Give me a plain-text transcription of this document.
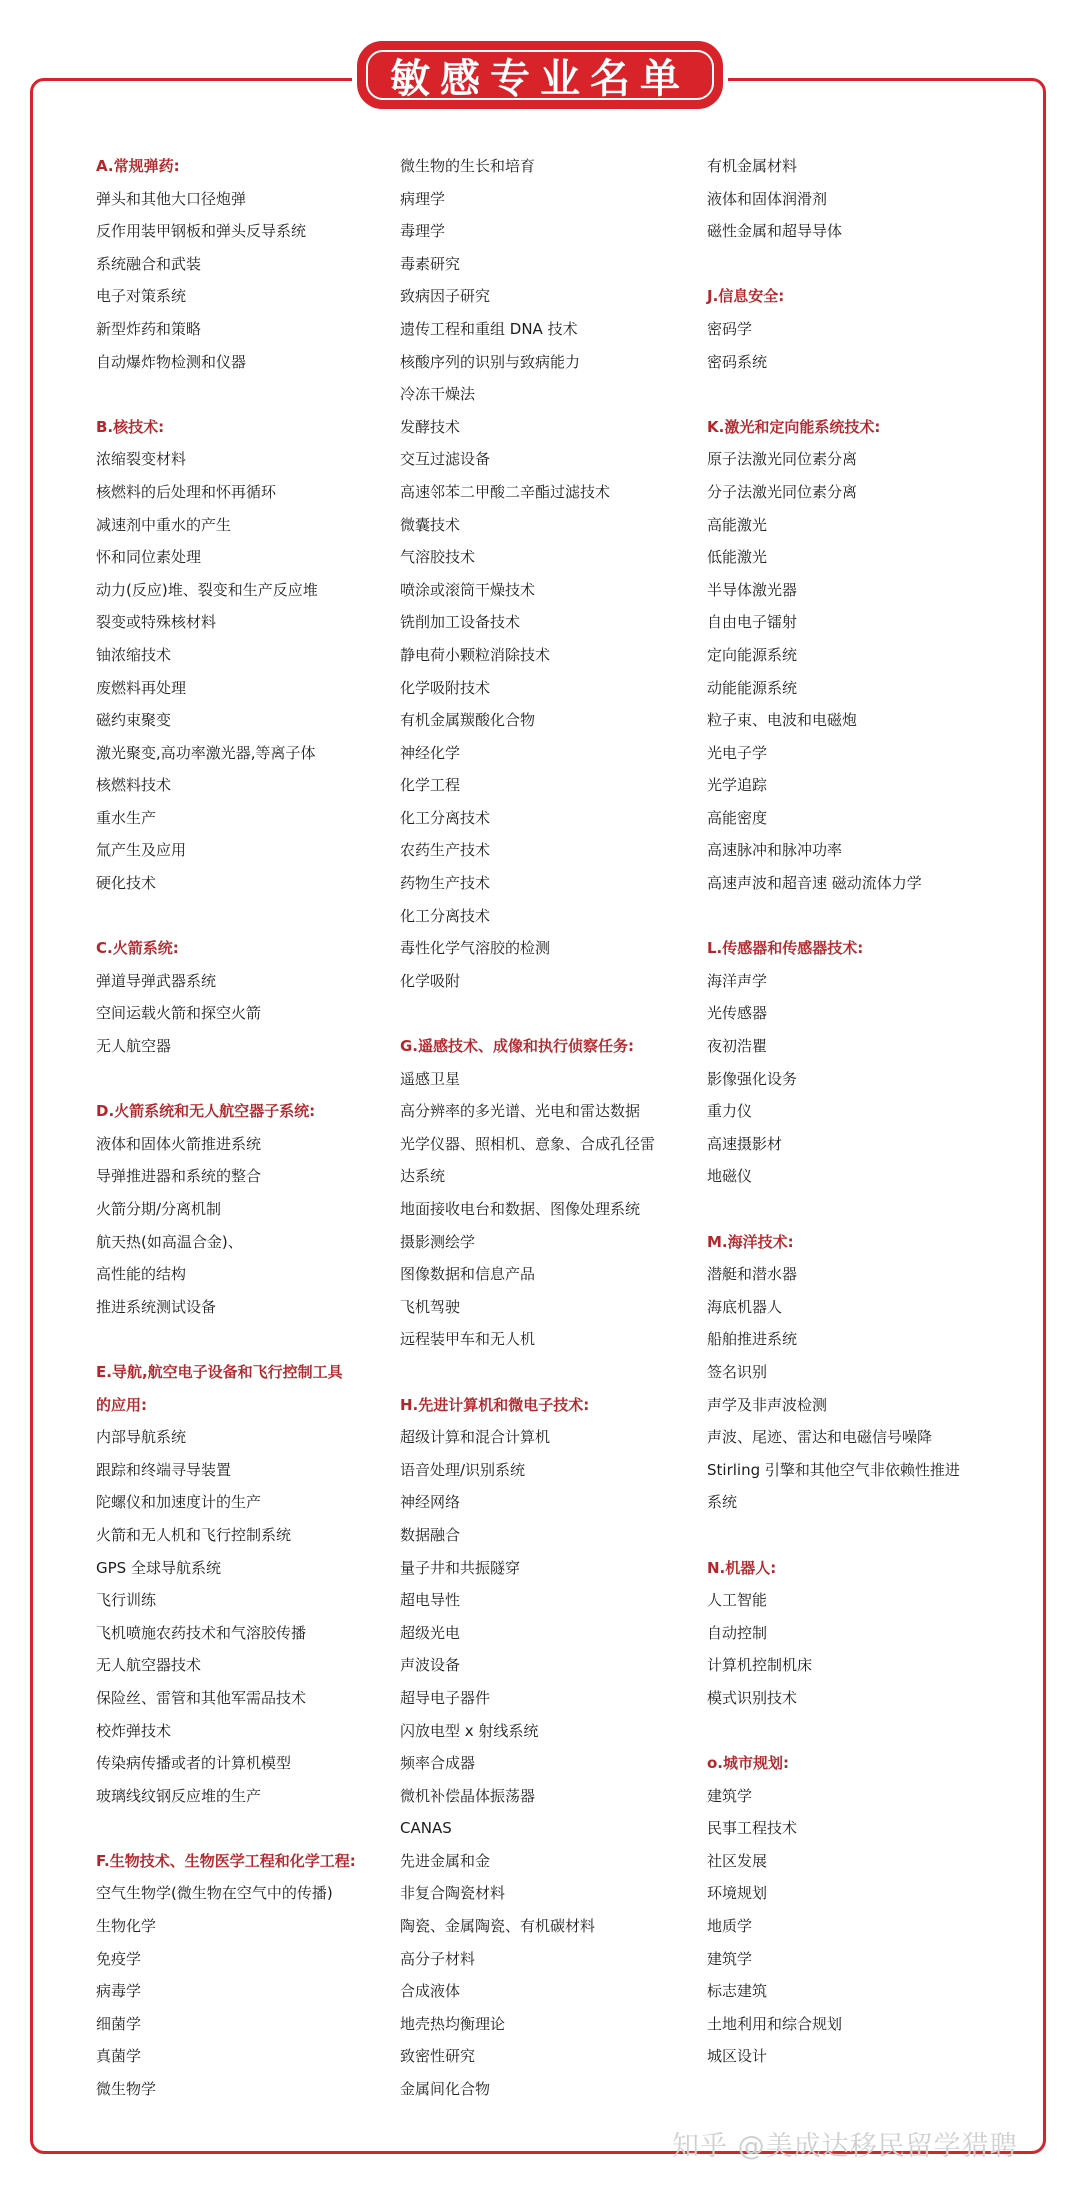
敏感专业名单
A.常规弹药:
弹头和其他大口径炮弹
反作用装甲钢板和弹头反导系统
系统融合和武装
电子对策系统
新型炸药和策略
自动爆炸物检测和仪器
B.核技术:
浓缩裂变材料
核燃料的后处理和怀再循环
减速剂中重水的产生
怀和同位素处理
动力(反应)堆、裂变和生产反应堆
裂变或特殊核材料
铀浓缩技术
废燃料再处理
磁约束聚变
激光聚变,高功率激光器,等离子体
核燃料技术
重水生产
氚产生及应用
硬化技术
C.火箭系统:
弹道导弹武器系统
空间运载火箭和探空火箭
无人航空器
D.火箭系统和无人航空器子系统:
液体和固体火箭推进系统
导弹推进器和系统的整合
火箭分期/分离机制
航天热(如高温合金)、
高性能的结构
推进系统测试设备
E.导航,航空电子设备和飞行控制工具
的应用:
内部导航系统
跟踪和终端寻导装置
陀螺仪和加速度计的生产
火箭和无人机和飞行控制系统
GPS 全球导航系统
飞行训练
飞机喷施农药技术和气溶胶传播
无人航空器技术
保险丝、雷管和其他军需品技术
校炸弹技术
传染病传播或者的计算机模型
玻璃线纹钢反应堆的生产
F.生物技术、生物医学工程和化学工程:
空气生物学(微生物在空气中的传播)
生物化学
免疫学
病毒学
细菌学
真菌学
微生物学
微生物的生长和培育
病理学
毒理学
毒素研究
致病因子研究
遗传工程和重组 DNA 技术
核酸序列的识别与致病能力
冷冻干燥法
发酵技术
交互过滤设备
高速邻苯二甲酸二辛酯过滤技术
微囊技术
气溶胶技术
喷涂或滚筒干燥技术
铣削加工设备技术
静电荷小颗粒消除技术
化学吸附技术
有机金属羰酸化合物
神经化学
化学工程
化工分离技术
农药生产技术
药物生产技术
化工分离技术
毒性化学气溶胶的检测
化学吸附
G.遥感技术、成像和执行侦察任务:
遥感卫星
高分辨率的多光谱、光电和雷达数据
光学仪器、照相机、意象、合成孔径雷
达系统
地面接收电台和数据、图像处理系统
摄影测绘学
图像数据和信息产品
飞机驾驶
远程装甲车和无人机
H.先进计算机和微电子技术:
超级计算和混合计算机
语音处理/识别系统
神经网络
数据融合
量子井和共振隧穿
超电导性
超级光电
声波设备
超导电子器件
闪放电型 x 射线系统
频率合成器
微机补偿晶体振荡器
CANAS
先进金属和金
非复合陶瓷材料
陶瓷、金属陶瓷、有机碳材料
高分子材料
合成液体
地壳热均衡理论
致密性研究
金属间化合物
有机金属材料
液体和固体润滑剂
磁性金属和超导导体
J.信息安全:
密码学
密码系统
K.激光和定向能系统技术:
原子法激光同位素分离
分子法激光同位素分离
高能激光
低能激光
半导体激光器
自由电子镭射
定向能源系统
动能能源系统
粒子束、电波和电磁炮
光电子学
光学追踪
高能密度
高速脉冲和脉冲功率
高速声波和超音速 磁动流体力学
L.传感器和传感器技术:
海洋声学
光传感器
夜初浩瞿
影像强化设务
重力仪
高速摄影材
地磁仪
M.海洋技术:
潜艇和潜水器
海底机器人
船舶推进系统
签名识别
声学及非声波检测
声波、尾迹、雷达和电磁信号噪降
Stirling 引擎和其他空气非依赖性推进
系统
N.机器人:
人工智能
自动控制
计算机控制机床
模式识别技术
o.城市规划:
建筑学
民事工程技术
社区发展
环境规划
地质学
建筑学
标志建筑
土地利用和综合规划
城区设计
知乎 @美成达移民留学猎聘
